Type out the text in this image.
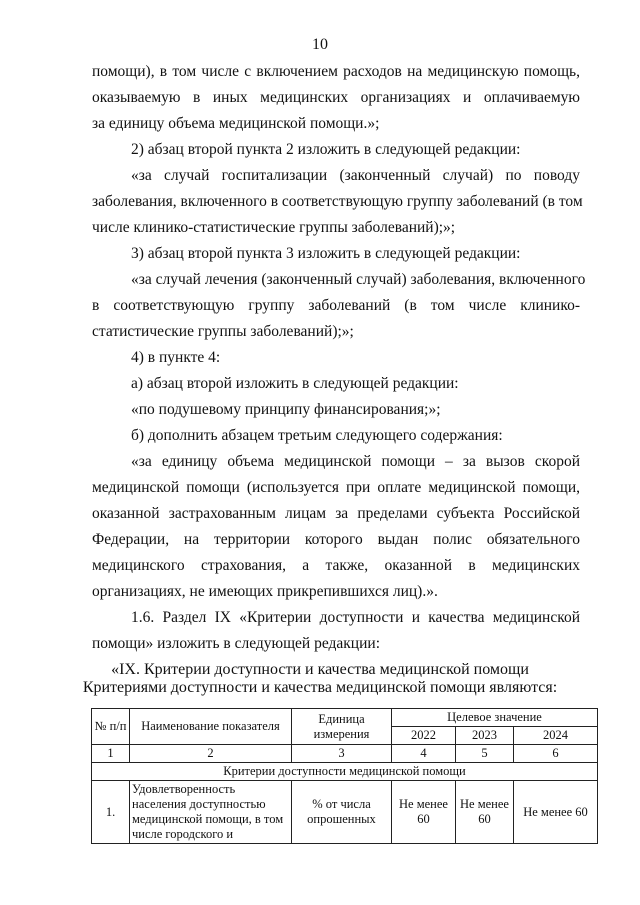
10
помощи), в том числе с включением расходов на медицинскую помощь,
оказываемую в иных медицинских организациях и оплачиваемую
за единицу объема медицинской помощи.»;
2) абзац второй пункта 2 изложить в следующей редакции:
«за случай госпитализации (законченный случай) по поводу
заболевания, включенного в соответствующую группу заболеваний (в том
числе клинико-статистические группы заболеваний);»;
3) абзац второй пункта 3 изложить в следующей редакции:
«за случай лечения (законченный случай) заболевания, включенного
в соответствующую группу заболеваний (в том числе клинико-
статистические группы заболеваний);»;
4) в пункте 4:
а) абзац второй изложить в следующей редакции:
«по подушевому принципу финансирования;»;
б) дополнить абзацем третьим следующего содержания:
«за единицу объема медицинской помощи – за вызов скорой
медицинской помощи (используется при оплате медицинской помощи,
оказанной застрахованным лицам за пределами субъекта Российской
Федерации, на территории которого выдан полис обязательного
медицинского страхования, а также, оказанной в медицинских
организациях, не имеющих прикрепившихся лиц).».
1.6. Раздел IX «Критерии доступности и качества медицинской
помощи» изложить в следующей редакции:
«IX. Критерии доступности и качества медицинской помощи
Критериями доступности и качества медицинской помощи являются:
№ п/п	Наименование показателя	Единица измерения	Целевое значение		
			2022	2023	2024
1	2	3	4	5	6
Критерии доступности медицинской помощи					
1.	Удовлетворенность населения доступностью медицинской помощи, в том числе городского и	% от числа опрошенных	Не менее 60	Не менее 60	Не менее 60
